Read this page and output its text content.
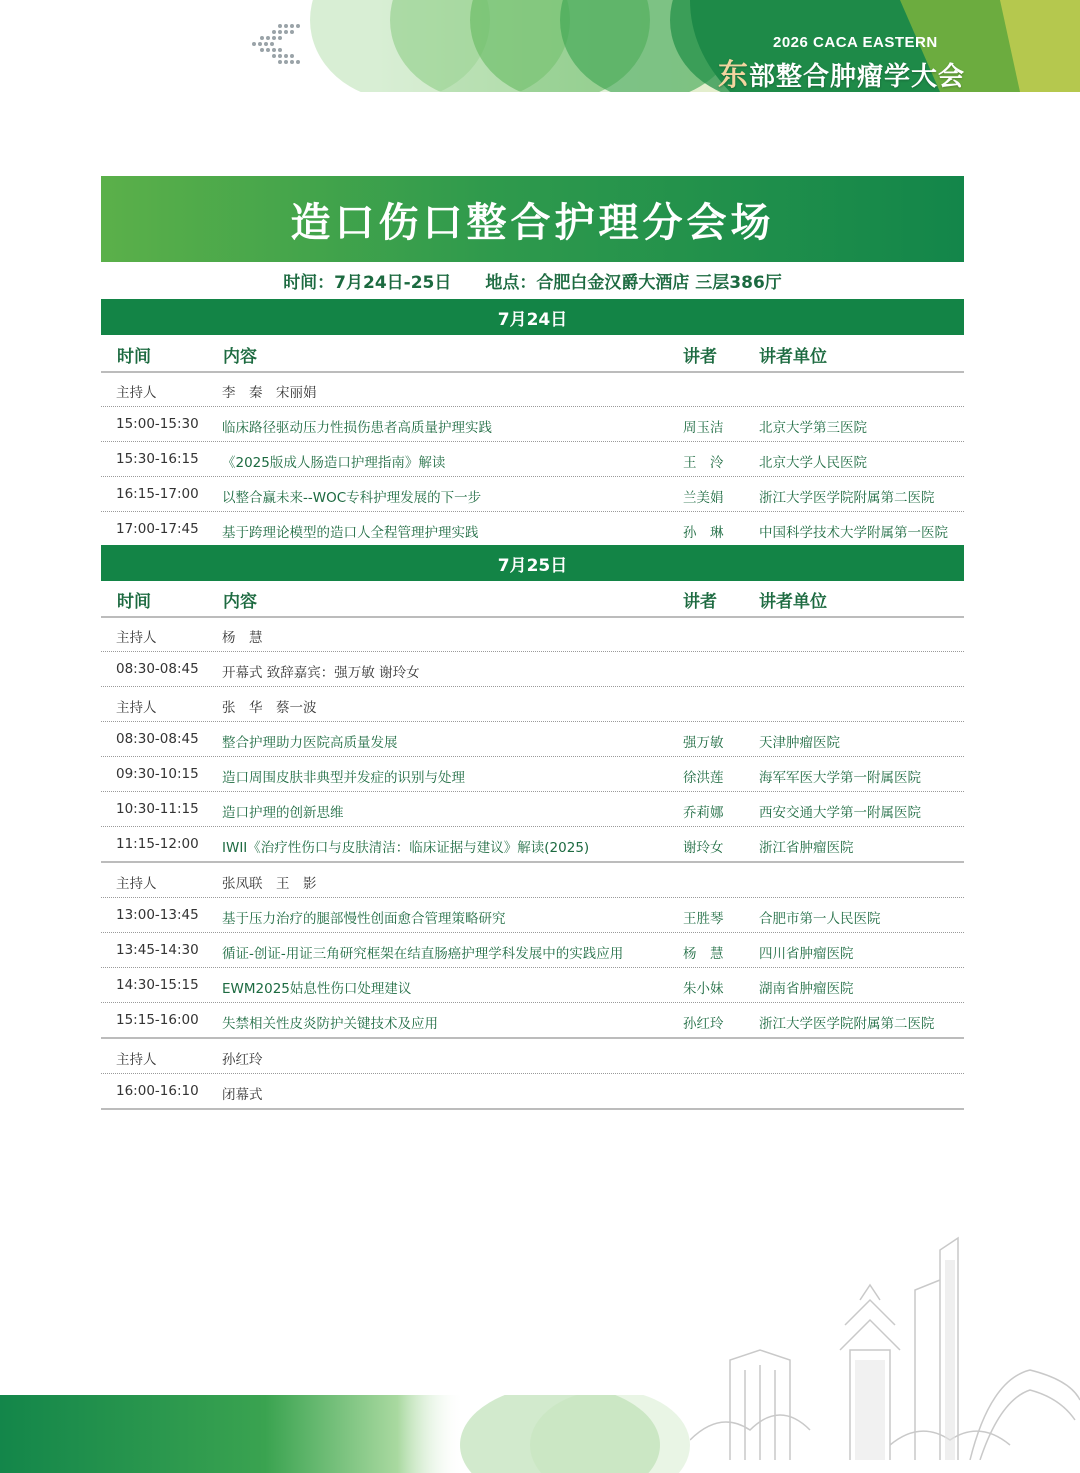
2026 CACA EASTERN
东部整合肿瘤学大会
造口伤口整合护理分会场
时间：7月24日-25日 地点：合肥白金汉爵大酒店 三层386厅
7月24日
时间	内容	讲者 讲者单位
主持人	李　秦　宋丽娟
15:00-15:30 临床路径驱动压力性损伤患者高质量护理实践	周玉洁	北京大学第三医院
15:30-16:15 《2025版成人肠造口护理指南》解读	王　泠	北京大学人民医院
16:15-17:00 以整合赢未来--WOC专科护理发展的下一步	兰美娟	浙江大学医学院附属第二医院
17:00-17:45 基于跨理论模型的造口人全程管理护理实践	孙　琳	中国科学技术大学附属第一医院
7月25日
时间	内容	讲者 讲者单位
主持人	杨　慧
08:30-08:45 开幕式 致辞嘉宾：强万敏 谢玲女
主持人	张　华　蔡一波
08:30-08:45 整合护理助力医院高质量发展	强万敏	天津肿瘤医院
09:30-10:15 造口周围皮肤非典型并发症的识别与处理	徐洪莲	海军军医大学第一附属医院
10:30-11:15 造口护理的创新思维	乔莉娜	西安交通大学第一附属医院
11:15-12:00 IWII《治疗性伤口与皮肤清洁：临床证据与建议》解读(2025)	谢玲女	浙江省肿瘤医院
主持人	张凤联　王　影
13:00-13:45 基于压力治疗的腿部慢性创面愈合管理策略研究	王胜琴	合肥市第一人民医院
13:45-14:30 循证-创证-用证三角研究框架在结直肠癌护理学科发展中的实践应用	杨　慧	四川省肿瘤医院
14:30-15:15 EWM2025姑息性伤口处理建议	朱小妹	湖南省肿瘤医院
15:15-16:00 失禁相关性皮炎防护关键技术及应用	孙红玲	浙江大学医学院附属第二医院
主持人	孙红玲
16:00-16:10 闭幕式
